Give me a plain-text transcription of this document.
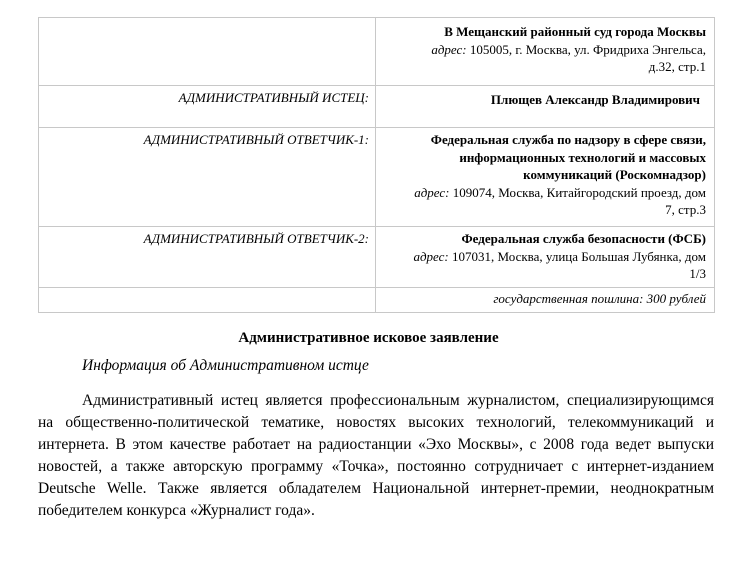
	В Мещанский районный суд города Москвы
адрес: 105005, г. Москва, ул. Фридриха Энгельса, д.32, стр.1

АДМИНИСТРАТИВНЫЙ ИСТЕЦ:	Плющев Александр Владимирович

АДМИНИСТРАТИВНЫЙ ОТВЕТЧИК-1:	Федеральная служба по надзору в сфере связи, информационных технологий и массовых коммуникаций (Роскомнадзор)
адрес: 109074, Москва, Китайгородский проезд, дом 7, стр.3

АДМИНИСТРАТИВНЫЙ ОТВЕТЧИК-2:	Федеральная служба безопасности (ФСБ)
адрес: 107031, Москва, улица Большая Лубянка, дом 1/3

	государственная пошлина: 300 рублей
Административное исковое заявление
Информация об Административном истце
Административный истец является профессиональным журналистом, специализирующимся на общественно-политической тематике, новостях высоких технологий, телекоммуникаций и интернета. В этом качестве работает на радиостанции «Эхо Москвы», с 2008 года ведет выпуски новостей, а также авторскую программу «Точка», постоянно сотрудничает с интернет-изданием Deutsche Welle. Также является обладателем Национальной интернет-премии, неоднократным победителем конкурса «Журналист года».
